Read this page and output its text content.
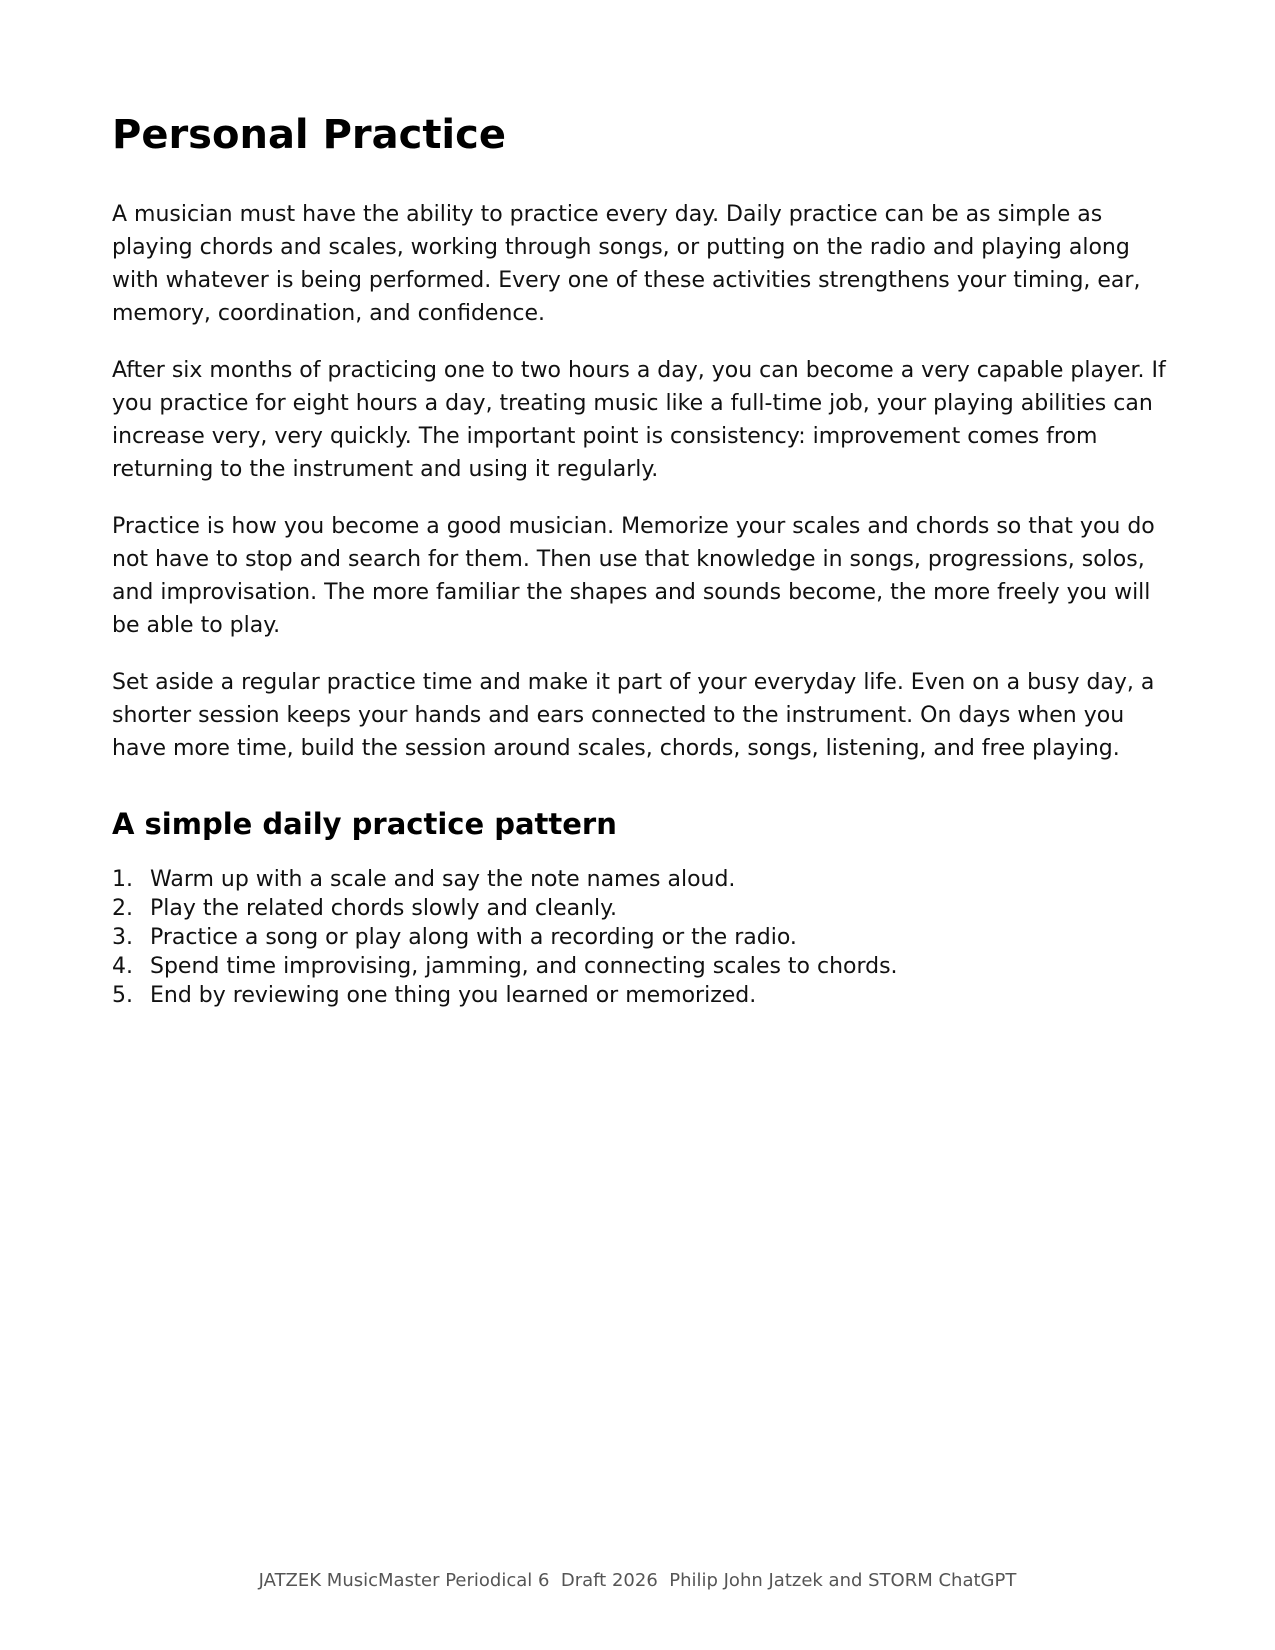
Personal Practice

A musician must have the ability to practice every day. Daily practice can be as simple as playing chords and scales, working through songs, or putting on the radio and playing along with whatever is being performed. Every one of these activities strengthens your timing, ear, memory, coordination, and confidence.

After six months of practicing one to two hours a day, you can become a very capable player. If you practice for eight hours a day, treating music like a full-time job, your playing abilities can increase very, very quickly. The important point is consistency: improvement comes from returning to the instrument and using it regularly.

Practice is how you become a good musician. Memorize your scales and chords so that you do not have to stop and search for them. Then use that knowledge in songs, progressions, solos, and improvisation. The more familiar the shapes and sounds become, the more freely you will be able to play.

Set aside a regular practice time and make it part of your everyday life. Even on a busy day, a shorter session keeps your hands and ears connected to the instrument. On days when you have more time, build the session around scales, chords, songs, listening, and free playing.

A simple daily practice pattern
1. Warm up with a scale and say the note names aloud.
2. Play the related chords slowly and cleanly.
3. Practice a song or play along with a recording or the radio.
4. Spend time improvising, jamming, and connecting scales to chords.
5. End by reviewing one thing you learned or memorized.
JATZEK MusicMaster Periodical 6  Draft 2026  Philip John Jatzek and STORM ChatGPT
